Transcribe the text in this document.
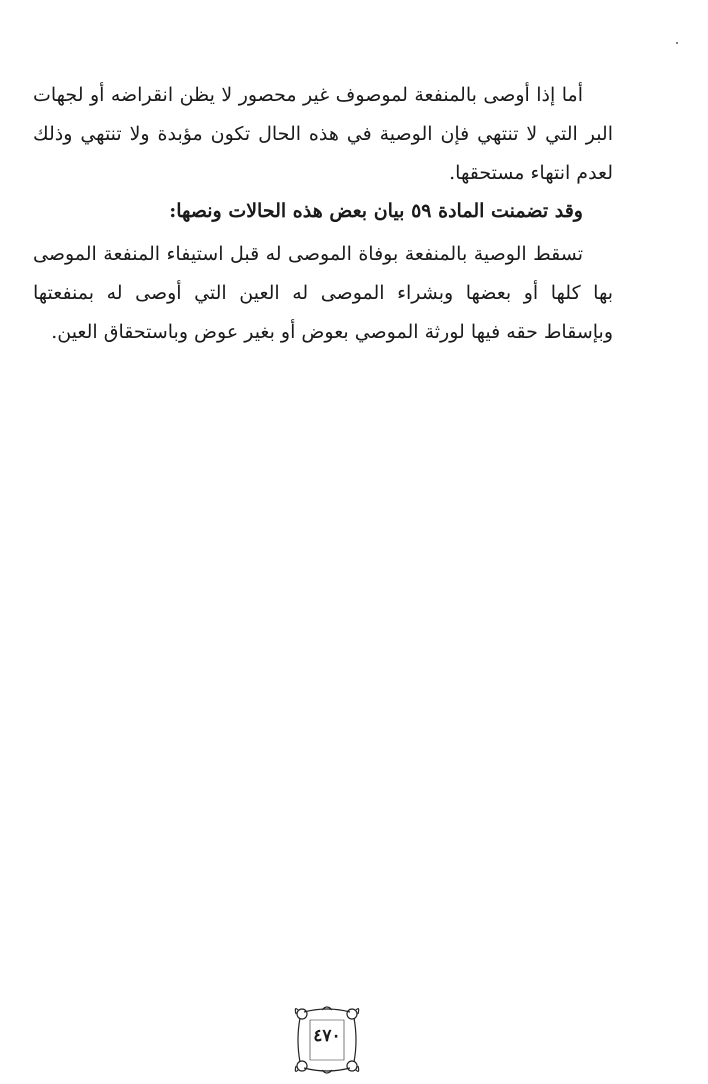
أما إذا أوصى بالمنفعة لموصوف غير محصور لا يظن انقراضه أو لجهات البر التي لا تنتهي فإن الوصية في هذه الحال تكون مؤبدة ولا تنتهي وذلك لعدم انتهاء مستحقها.
وقد تضمنت المادة ٥٩ بيان بعض هذه الحالات ونصها:
تسقط الوصية بالمنفعة بوفاة الموصى له قبل استيفاء المنفعة الموصى بها كلها أو بعضها وبشراء الموصى له العين التي أوصى له بمنفعتها وبإسقاط حقه فيها لورثة الموصي بعوض أو بغير عوض وباستحقاق العين.
٤٧٠
